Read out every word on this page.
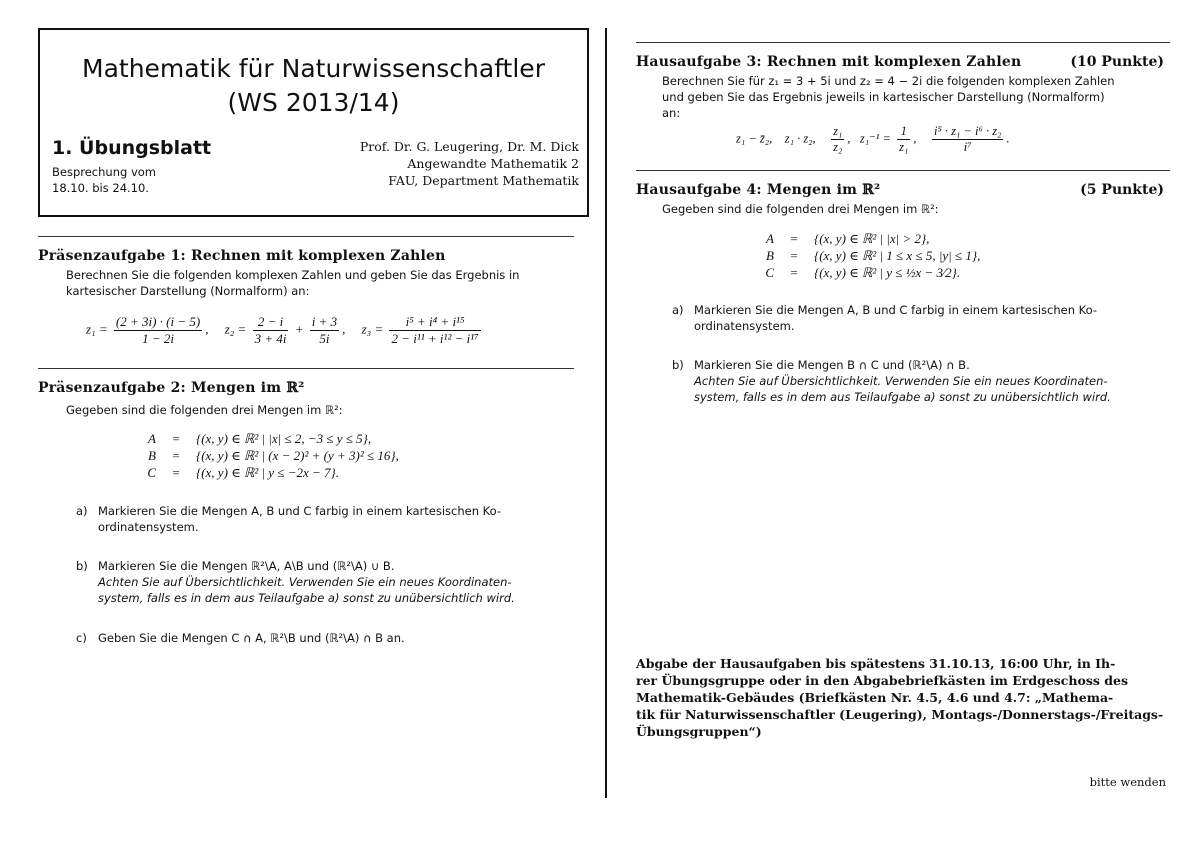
Mathematik für Naturwissenschaftler
(WS 2013/14)
1. Übungsblatt
Besprechung vom
18.10. bis 24.10.
Prof. Dr. G. Leugering, Dr. M. Dick
Angewandte Mathematik 2
FAU, Department Mathematik
Präsenzaufgabe 1: Rechnen mit komplexen Zahlen
Berechnen Sie die folgenden komplexen Zahlen und geben Sie das Ergebnis in
kartesischer Darstellung (Normalform) an:
$z_1 = \frac{(2 + 3i) \cdot (i - 5)}{1 - 2i}$ ,     $z_2 = \frac{2 - i}{3 + 4i} + \frac{i + 3}{5i}$ ,     $z_3 = \frac{\text{i⁵ + i⁴ + i¹⁵}}{\text{2 − i¹¹ + i¹² − i¹⁷}}$
Präsenzaufgabe 2: Mengen im ℝ²
Gegeben sind die folgenden drei Mengen im ℝ²:
A	=	{(x, y) ∈ ℝ² | |x| ≤ 2, −3 ≤ y ≤ 5},
B	=	{(x, y) ∈ ℝ² | (x − 2)² + (y + 3)² ≤ 16},
C	=	{(x, y) ∈ ℝ² | y ≤ −2x − 7}.
a) Markieren Sie die Mengen A, B und C farbig in einem kartesischen Ko-
ordinatensystem.
b) Markieren Sie die Mengen ℝ²\A, A\B und (ℝ²\A) ∪ B.
Achten Sie auf Übersichtlichkeit. Verwenden Sie ein neues Koordinaten-
system, falls es in dem aus Teilaufgabe a) sonst zu unübersichtlich wird.
c) Geben Sie die Mengen C ∩ A, ℝ²\B und (ℝ²\A) ∩ B an.
Hausaufgabe 3: Rechnen mit komplexen Zahlen	(10 Punkte)
Berechnen Sie für z₁ = 3 + 5i und z₂ = 4 − 2i die folgenden komplexen Zahlen
und geben Sie das Ergebnis jeweils in kartesischer Darstellung (Normalform)
an:
z₁ − z̄₂, z₁ · z₂, $\frac{\text{z₁}}{\text{z₂}}$ ,   $z_1^{-1} = \frac{1}{\text{z₁}}$ , $\frac{\text{i⁵ · z₁ − i⁶ · z₂}}{\text{i⁷}}$ .
Hausaufgabe 4: Mengen im ℝ²	(5 Punkte)
Gegeben sind die folgenden drei Mengen im ℝ²:
A	=	{(x, y) ∈ ℝ² | |x| > 2},
B	=	{(x, y) ∈ ℝ² | 1 ≤ x ≤ 5, |y| ≤ 1},
C	=	{(x, y) ∈ ℝ² | y ≤ ½x − 3⁄2}.
a) Markieren Sie die Mengen A, B und C farbig in einem kartesischen Ko-
ordinatensystem.
b) Markieren Sie die Mengen B ∩ C und (ℝ²\A) ∩ B.
Achten Sie auf Übersichtlichkeit. Verwenden Sie ein neues Koordinaten-
system, falls es in dem aus Teilaufgabe a) sonst zu unübersichtlich wird.
Abgabe der Hausaufgaben bis spätestens 31.10.13, 16:00 Uhr, in Ih-
rer Übungsgruppe oder in den Abgabebriefkästen im Erdgeschoss des
Mathematik-Gebäudes (Briefkästen Nr. 4.5, 4.6 und 4.7: „Mathema-
tik für Naturwissenschaftler (Leugering), Montags-/Donnerstags-/Freitags-
Übungsgruppen“)
bitte wenden
